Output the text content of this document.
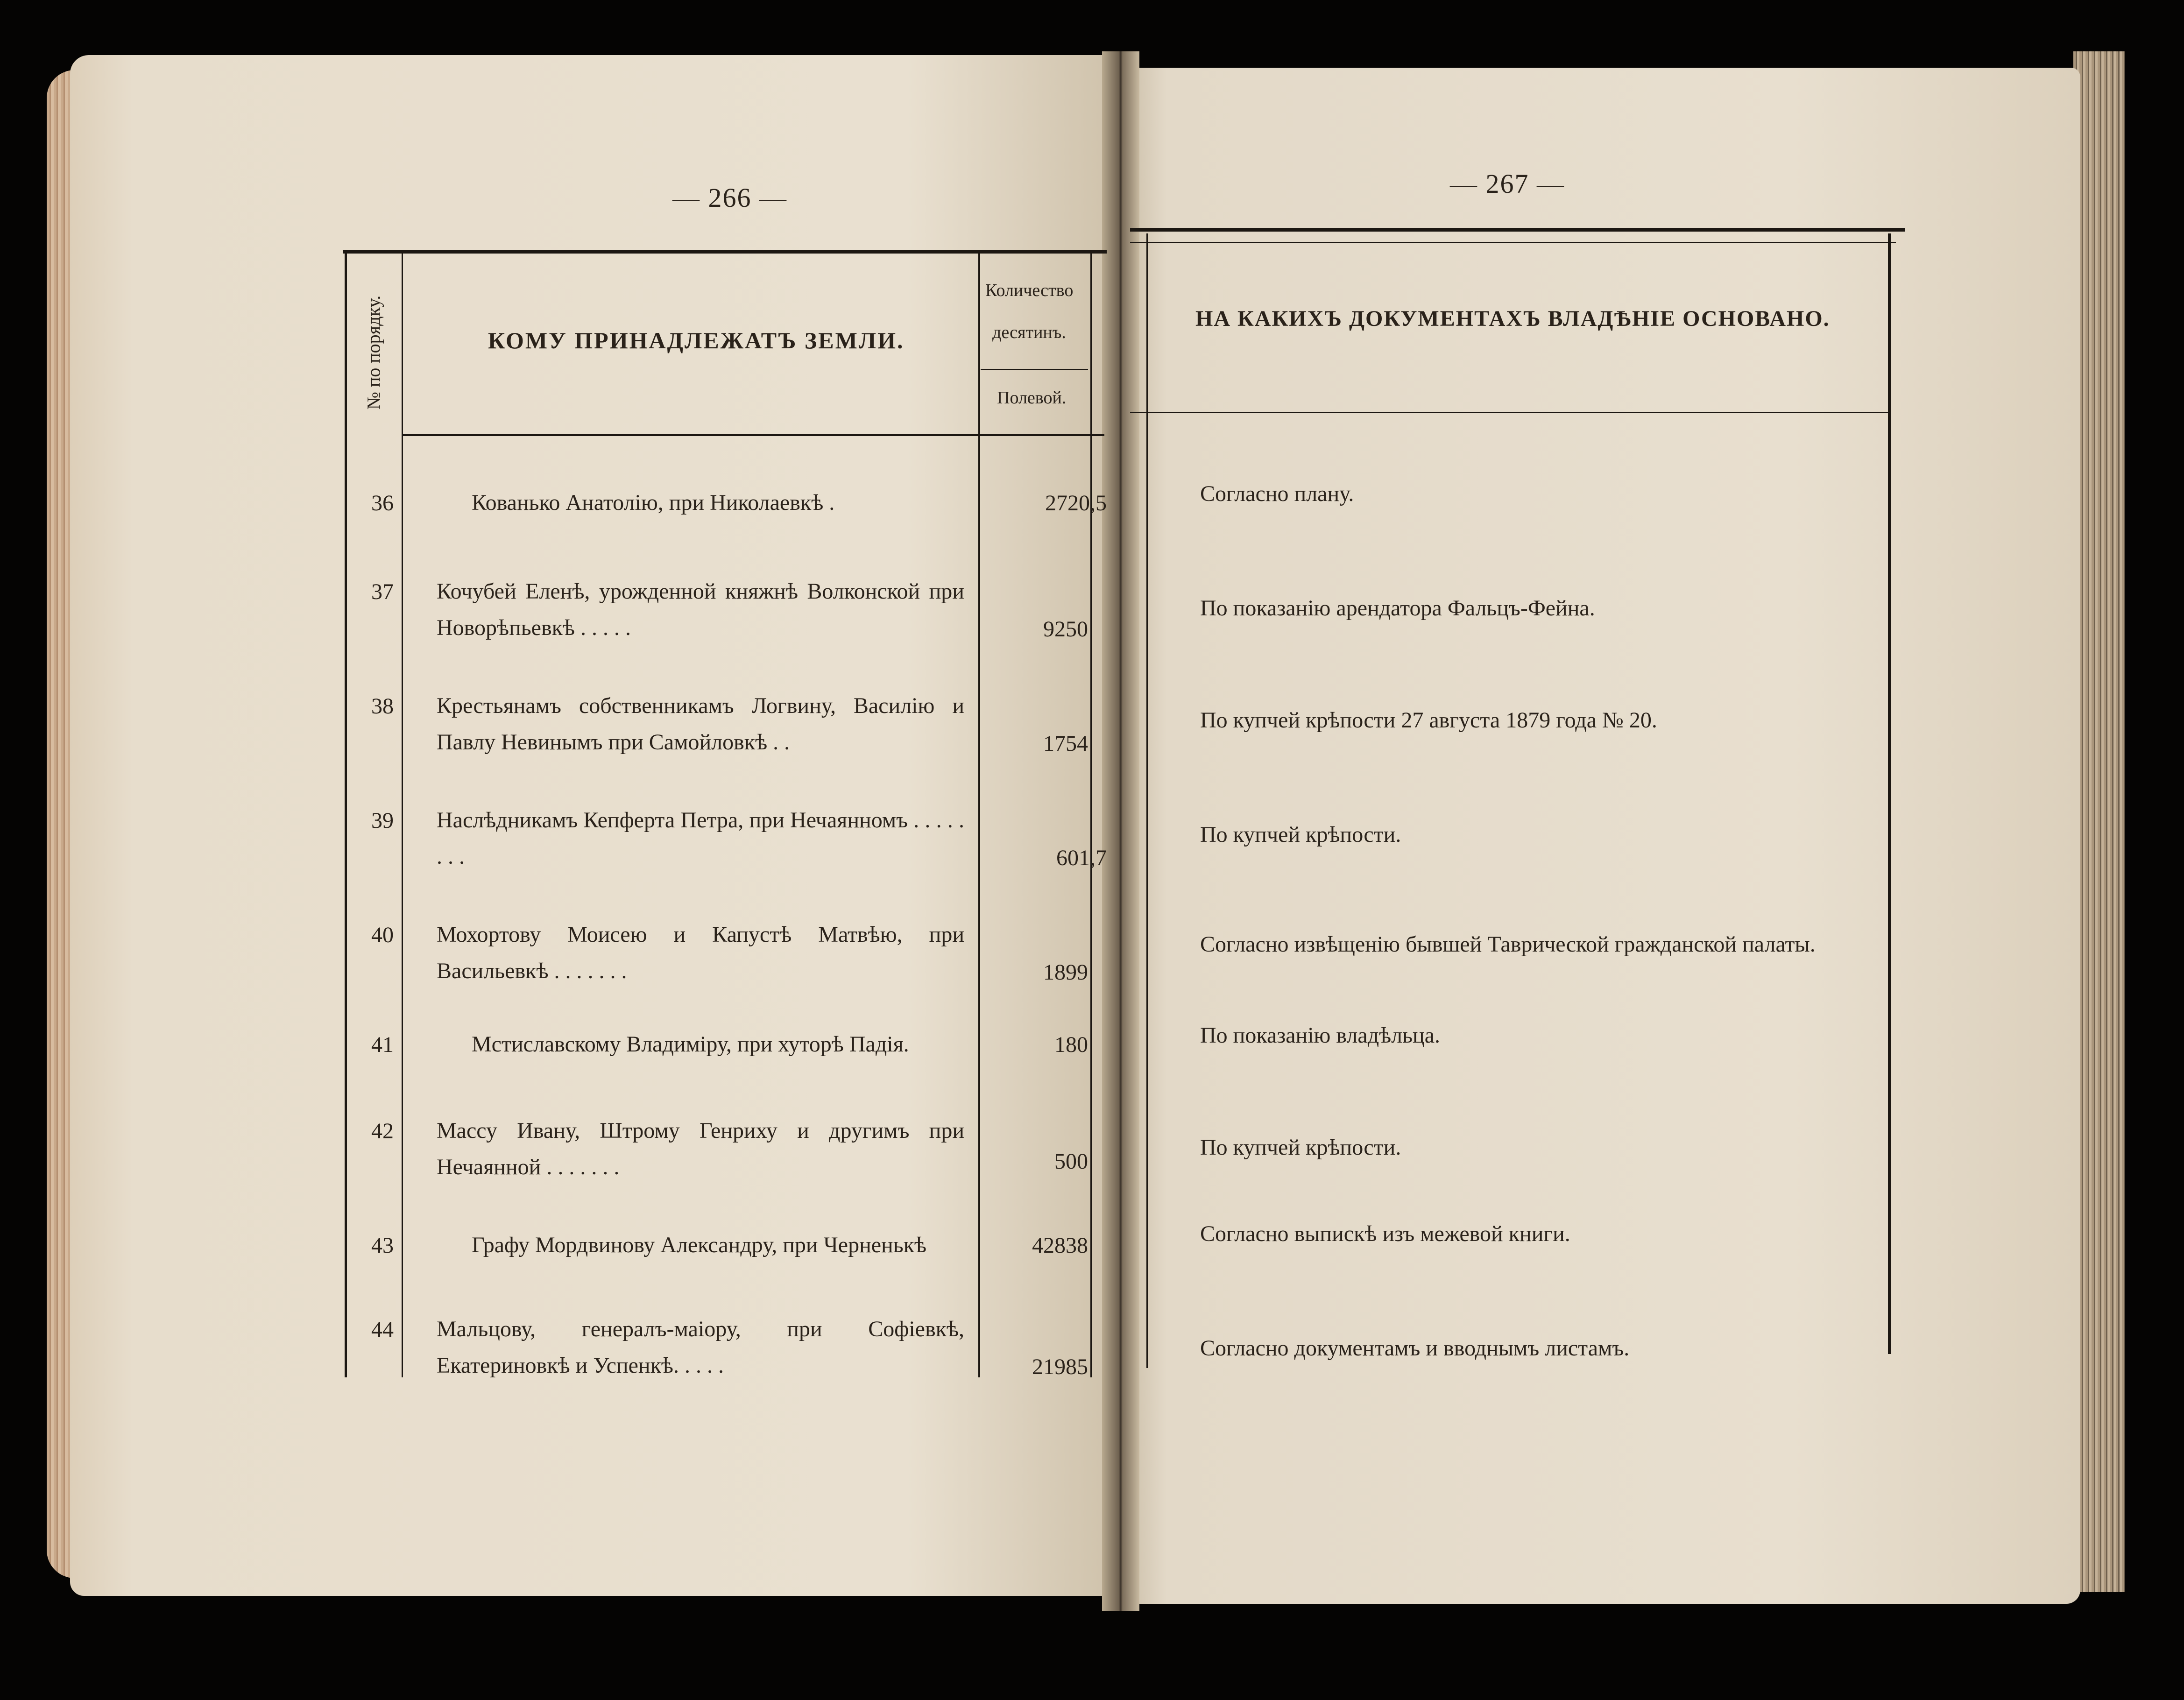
— 266 —
№ по порядку.	КОМУ ПРИНАДЛЕЖАТЪ ЗЕМЛИ.
Количество
десятинъ.
Полевой.
36	Кованько Анатолію, при Николаевкѣ .	2720,5
37 Кочубей Еленѣ, урожденной княжнѣ Волконской при Новорѣпьевкѣ . . . . .	9250
38 Крестьянамъ собственникамъ Логвину, Василію и Павлу Невинымъ при Самойловкѣ . .	1754
39 Наслѣдникамъ Кепферта Петра, при Нечаянномъ . . . . . . . .	601,7
40 Мохортову Моисею и Капустѣ Матвѣю, при Васильевкѣ . . . . . . .	1899
41	Мстиславскому Владиміру, при хуторѣ Падія.	180
42 Массу Ивану, Штрому Генриху и другимъ при Нечаянной . . . . . . .	500
43	Графу Мордвинову Александру, при Черненькѣ	42838
44 Мальцову, генералъ-маіору, при Софіевкѣ, Екатериновкѣ и Успенкѣ. . . . .	21985
— 267 —
НА КАКИХЪ ДОКУМЕНТАХЪ ВЛАДѢНІЕ ОСНОВАНО.
Согласно плану.
По показанію арендатора Фальцъ-Фейна.
По купчей крѣпости 27 августа 1879 года № 20.
По купчей крѣпости.
Согласно извѣщенію бывшей Таврической гражданской палаты.
По показанію владѣльца.
По купчей крѣпости.
Согласно выпискѣ изъ межевой книги.
Согласно документамъ и вводнымъ листамъ.
